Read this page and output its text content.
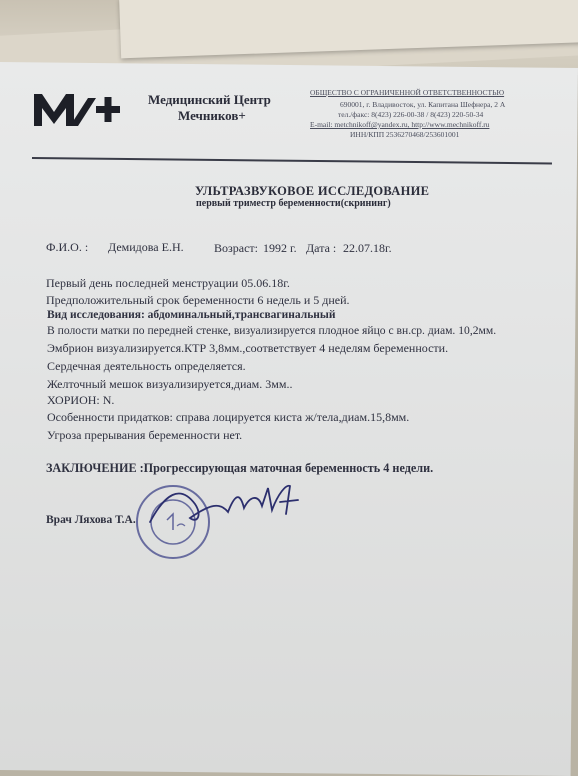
Медицинский Центр
Мечников+
ОБЩЕСТВО С ОГРАНИЧЕННОЙ ОТВЕТСТВЕННОСТЬЮ
690001, г. Владивосток, ул. Капитана Шефнера, 2 А
тел./факс: 8(423) 226-00-38 / 8(423) 220-50-34
E-mail: metchnikoff@yandex.ru, http://www.mechnikoff.ru
ИНН/КПП 2536270468/253601001
УЛЬТРАЗВУКОВОЕ ИССЛЕДОВАНИЕ
первый триместр беременности(скрининг)
Ф.И.О. : Демидова Е.Н.	Возраст: 1992 г. Дата : 22.07.18г.
Первый день последней менструации 05.06.18г.
Предположительный срок беременности 6 недель и 5 дней.
Вид исследования: абдоминальный,трансвагинальный
В полости матки по передней стенке, визуализируется плодное яйцо с вн.ср. диам. 10,2мм.
Эмбрион визуализируется.КТР 3,8мм.,соответствует 4 неделям беременности.
Сердечная деятельность определяется.
Желточный мешок визуализируется,диам. 3мм..
ХОРИОН: N.
Особенности придатков: справа лоцируется киста ж/тела,диам.15,8мм.
Угроза прерывания беременности нет.
ЗАКЛЮЧЕНИЕ :Прогрессирующая маточная беременность 4 недели.
Врач Ляхова Т.А.
